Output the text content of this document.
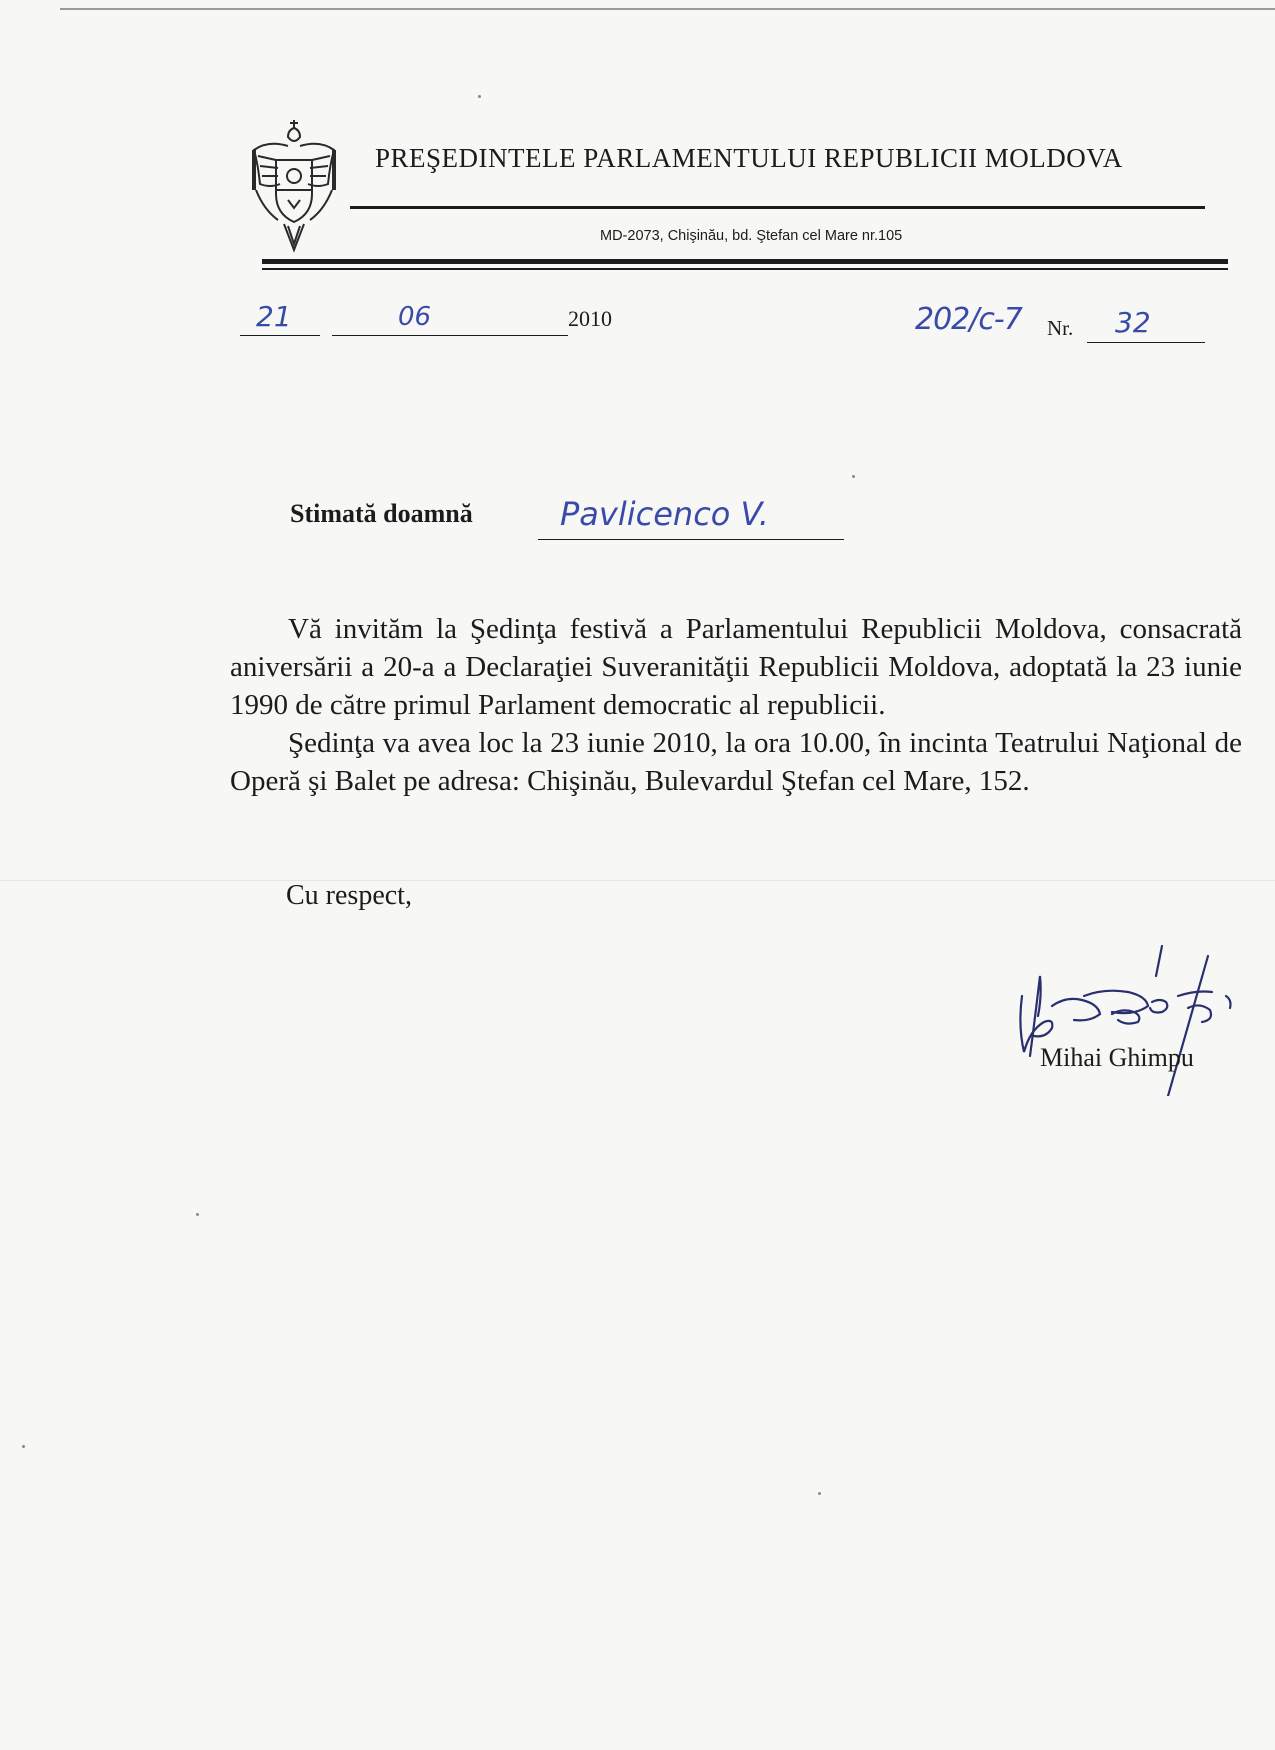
PREŞEDINTELE PARLAMENTULUI REPUBLICII MOLDOVA
MD-2073, Chişinău, bd. Ştefan cel Mare nr.105
21	06	2010	202/c-7 Nr. 32
Stimată doamnă	Pavlicenco V.

Vă invităm la Şedinţa festivă a Parlamentului Republicii Moldova, consacrată aniversării a 20-a a Declaraţiei Suveranităţii Republicii Moldova, adoptată la 23 iunie 1990 de către primul Parlament democratic al republicii.

Şedinţa va avea loc la 23 iunie 2010, la ora 10.00, în incinta Teatrului Naţional de Operă şi Balet pe adresa: Chişinău, Bulevardul Ştefan cel Mare, 152.

Cu respect,
Mihai Ghimpu
